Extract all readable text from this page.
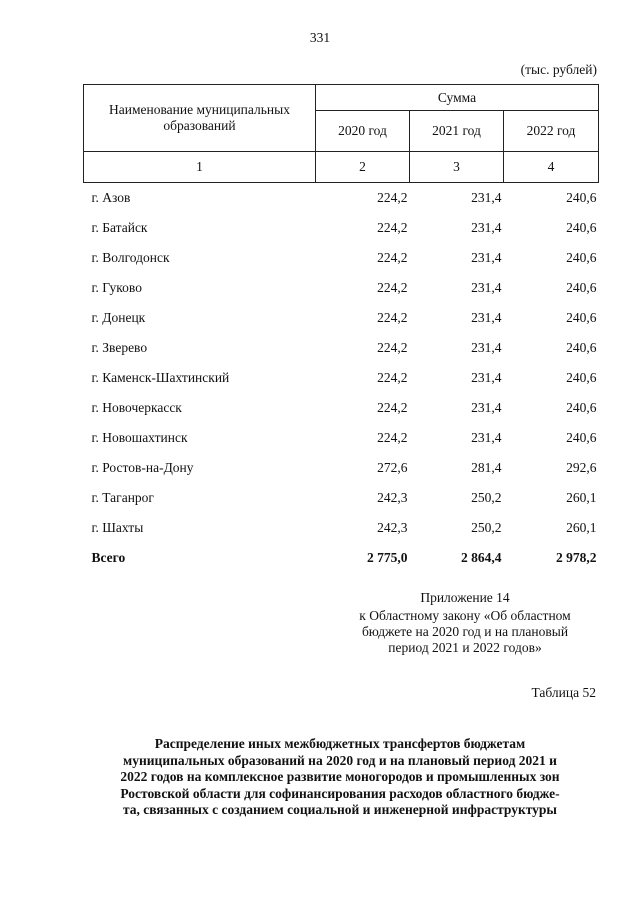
331
(тыс. рублей)
Наименование муниципальных образований	Сумма		
	2020 год	2021 год	2022 год
1	2	3	4
г. Азов	224,2	231,4	240,6
г. Батайск	224,2	231,4	240,6
г. Волгодонск	224,2	231,4	240,6
г. Гуково	224,2	231,4	240,6
г. Донецк	224,2	231,4	240,6
г. Зверево	224,2	231,4	240,6
г. Каменск-Шахтинский	224,2	231,4	240,6
г. Новочеркасск	224,2	231,4	240,6
г. Новошахтинск	224,2	231,4	240,6
г. Ростов-на-Дону	272,6	281,4	292,6
г. Таганрог	242,3	250,2	260,1
г. Шахты	242,3	250,2	260,1
Всего	2 775,0	2 864,4	2 978,2
Приложение 14
к Областному закону «Об областном
бюджете на 2020 год и на плановый
период 2021 и 2022 годов»
Таблица 52
Распределение иных межбюджетных трансфертов бюджетам
муниципальных образований на 2020 год и на плановый период 2021 и
2022 годов на комплексное развитие моногородов и промышленных зон
Ростовской области для софинансирования расходов областного бюдже-
та, связанных с созданием социальной и инженерной инфраструктуры
